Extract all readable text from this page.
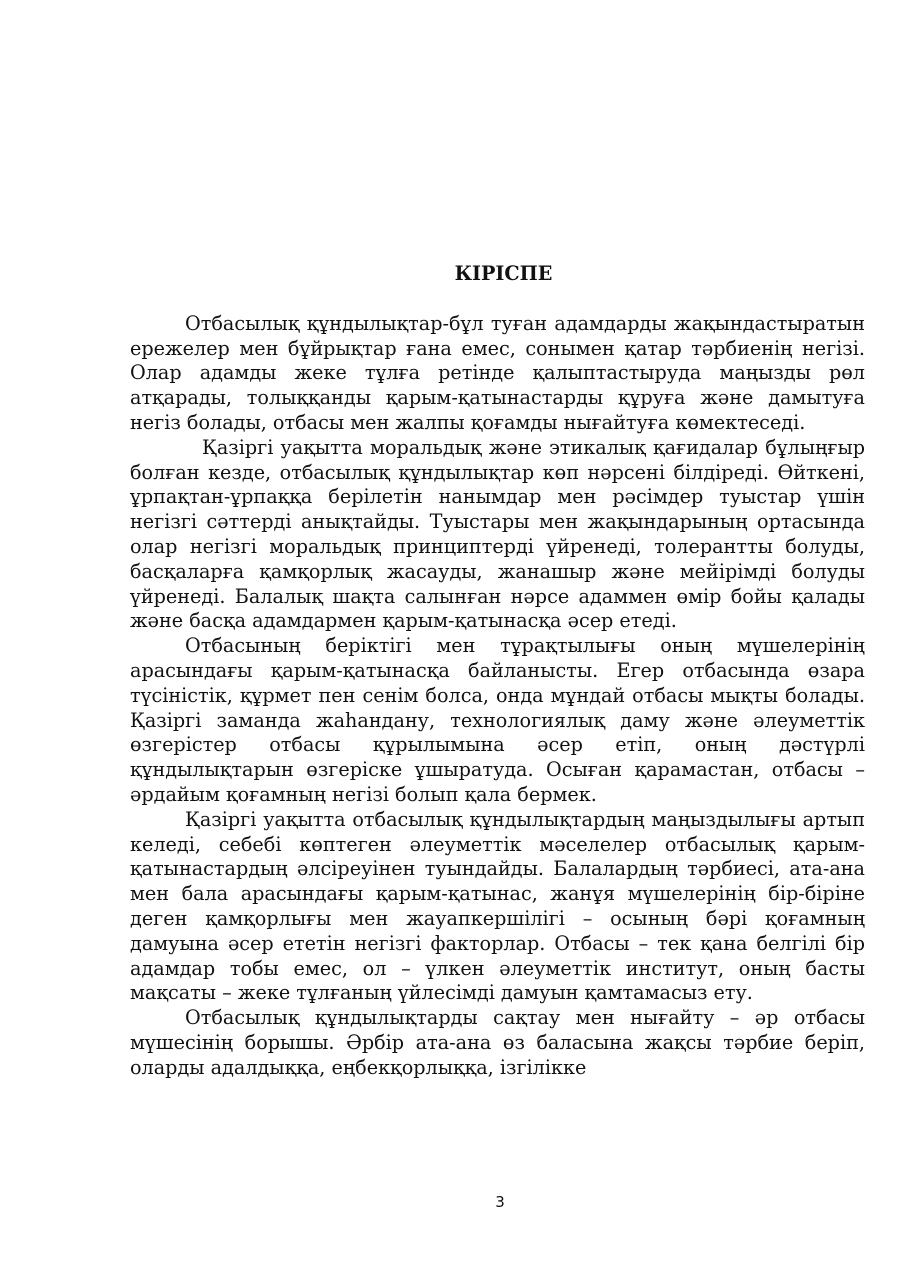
КІРІСПЕ

Отбасылық құндылықтар-бұл туған адамдарды жақындастыратын ережелер мен бұйрықтар ғана емес, сонымен қатар тәрбиенің негізі. Олар адамды жеке тұлға ретінде қалыптастыруда маңызды рөл атқарады, толыққанды қарым-қатынастарды құруға және дамытуға негіз болады, отбасы мен жалпы қоғамды нығайтуға көмектеседі.

Қазіргі уақытта моральдық және этикалық қағидалар бұлыңғыр болған кезде, отбасылық құндылықтар көп нәрсені білдіреді. Өйткені, ұрпақтан-ұрпаққа берілетін нанымдар мен рәсімдер туыстар үшін негізгі сәттерді анықтайды. Туыстары мен жақындарының ортасында олар негізгі моральдық принциптерді үйренеді, толерантты болуды, басқаларға қамқорлық жасауды, жанашыр және мейірімді болуды үйренеді. Балалық шақта салынған нәрсе адаммен өмір бойы қалады және басқа адамдармен қарым-қатынасқа әсер етеді.

Отбасының беріктігі мен тұрақтылығы оның мүшелерінің арасындағы қарым-қатынасқа байланысты. Егер отбасында өзара түсіністік, құрмет пен сенім болса, онда мұндай отбасы мықты болады. Қазіргі заманда жаһандану, технологиялық даму және әлеуметтік өзгерістер отбасы құрылымына әсер етіп, оның дәстүрлі құндылықтарын өзгеріске ұшыратуда. Осыған қарамастан, отбасы – әрдайым қоғамның негізі болып қала бермек.

Қазіргі уақытта отбасылық құндылықтардың маңыздылығы артып келеді, себебі көптеген әлеуметтік мәселелер отбасылық қарым-қатынастардың әлсіреуінен туындайды. Балалардың тәрбиесі, ата-ана мен бала арасындағы қарым-қатынас, жанұя мүшелерінің бір-біріне деген қамқорлығы мен жауапкершілігі – осының бәрі қоғамның дамуына әсер ететін негізгі факторлар. Отбасы – тек қана белгілі бір адамдар тобы емес, ол – үлкен әлеуметтік институт, оның басты мақсаты – жеке тұлғаның үйлесімді дамуын қамтамасыз ету.

Отбасылық құндылықтарды сақтау мен нығайту – әр отбасы мүшесінің борышы. Әрбір ата-ана өз баласына жақсы тәрбие беріп, оларды адалдыққа, еңбекқорлыққа, ізгілікке

3
